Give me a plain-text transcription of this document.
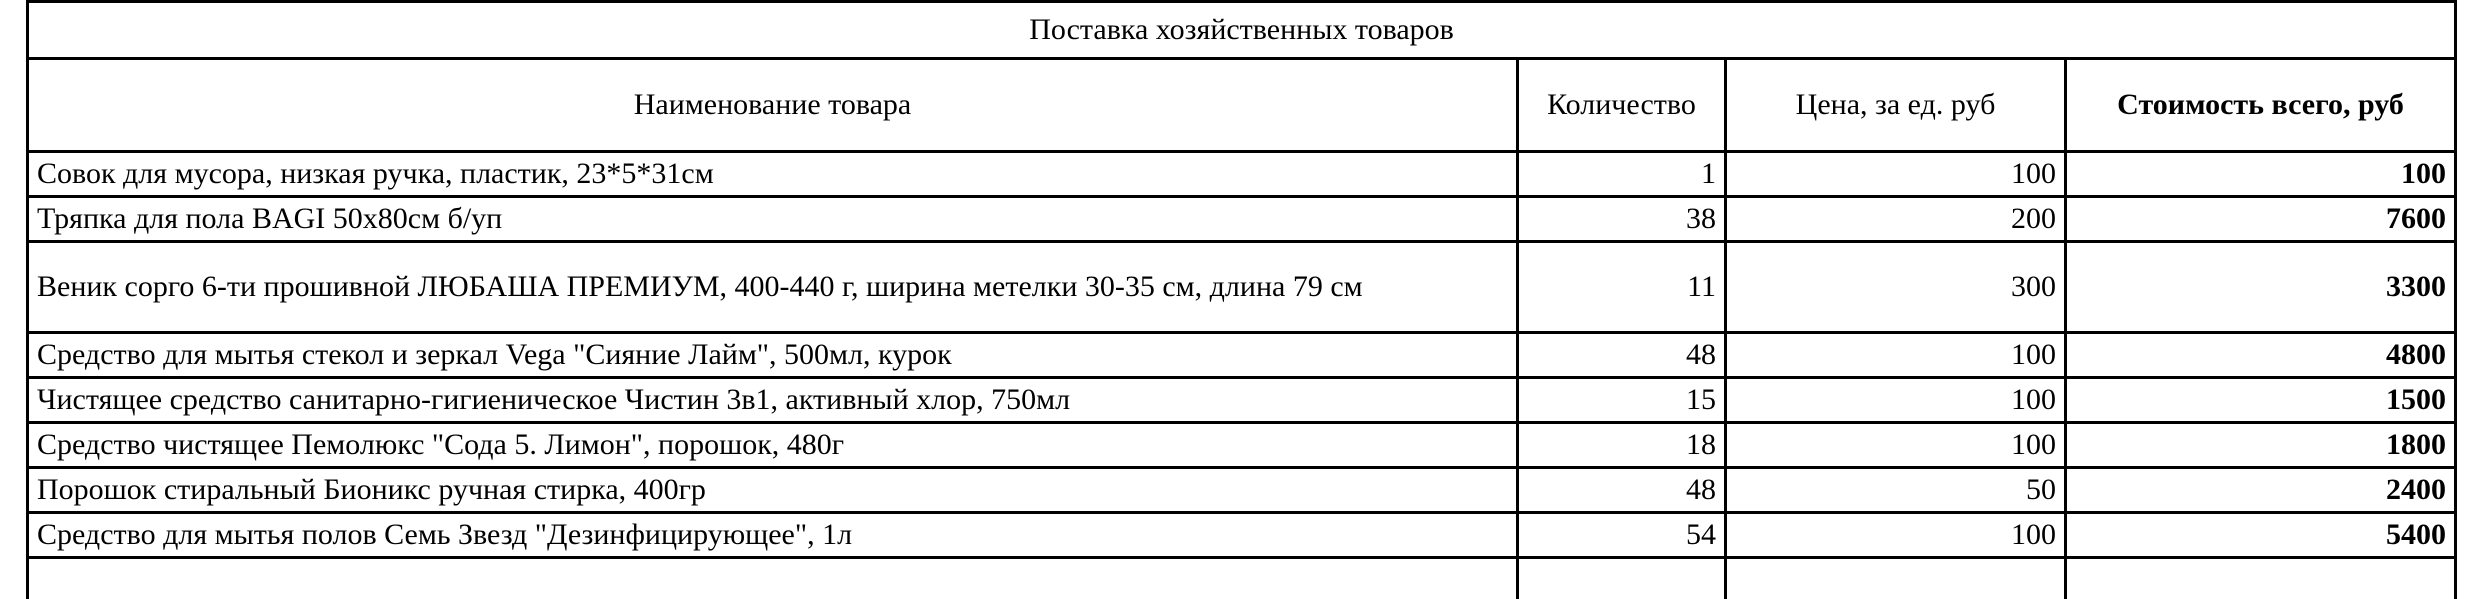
Поставка хозяйственных товаров			
Наименование товара	Количество	Цена, за ед. руб	Стоимость всего, руб
Совок для мусора, низкая ручка, пластик, 23*5*31см	1	100	100
Тряпка для пола BAGI 50х80см б/уп	38	200	7600
Веник сорго 6-ти прошивной ЛЮБАША ПРЕМИУМ, 400-440 г, ширина метелки 30-35 см, длина 79 см	11	300	3300
Средство для мытья стекол и зеркал Vega "Сияние Лайм", 500мл, курок	48	100	4800
Чистящее средство санитарно-гигиеническое Чистин 3в1, активный хлор, 750мл	15	100	1500
Средство чистящее Пемолюкс "Сода 5. Лимон", порошок, 480г	18	100	1800
Порошок стиральный Бионикс ручная стирка, 400гр	48	50	2400
Средство для мытья полов Семь Звезд "Дезинфицирующее", 1л	54	100	5400
